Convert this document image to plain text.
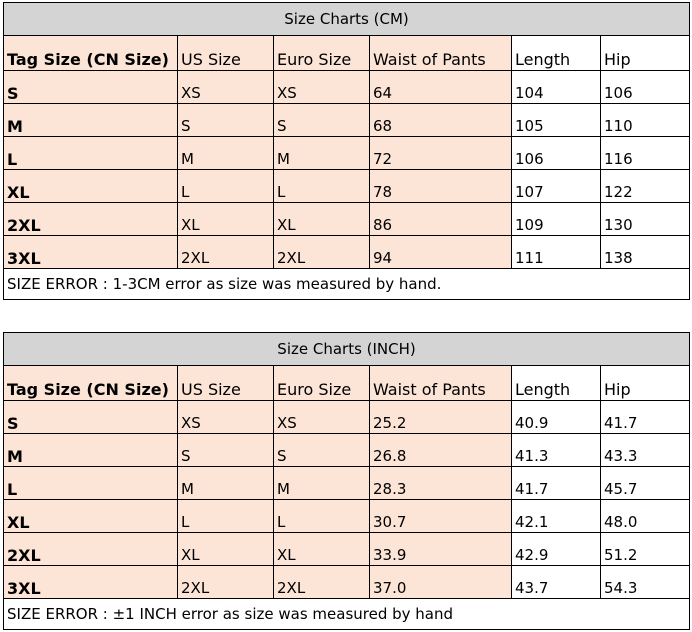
Size Charts (CM)					
Tag Size (CN Size)	US Size	Euro Size	Waist of Pants	Length	Hip
S	XS	XS	64	104	106
M	S	S	68	105	110
L	M	M	72	106	116
XL	L	L	78	107	122
2XL	XL	XL	86	109	130
3XL	2XL	2XL	94	111	138
SIZE ERROR : 1-3CM error as size was measured by hand.					
Size Charts (INCH)					
Tag Size (CN Size)	US Size	Euro Size	Waist of Pants	Length	Hip
S	XS	XS	25.2	40.9	41.7
M	S	S	26.8	41.3	43.3
L	M	M	28.3	41.7	45.7
XL	L	L	30.7	42.1	48.0
2XL	XL	XL	33.9	42.9	51.2
3XL	2XL	2XL	37.0	43.7	54.3
SIZE ERROR : ±1 INCH error as size was measured by hand					
